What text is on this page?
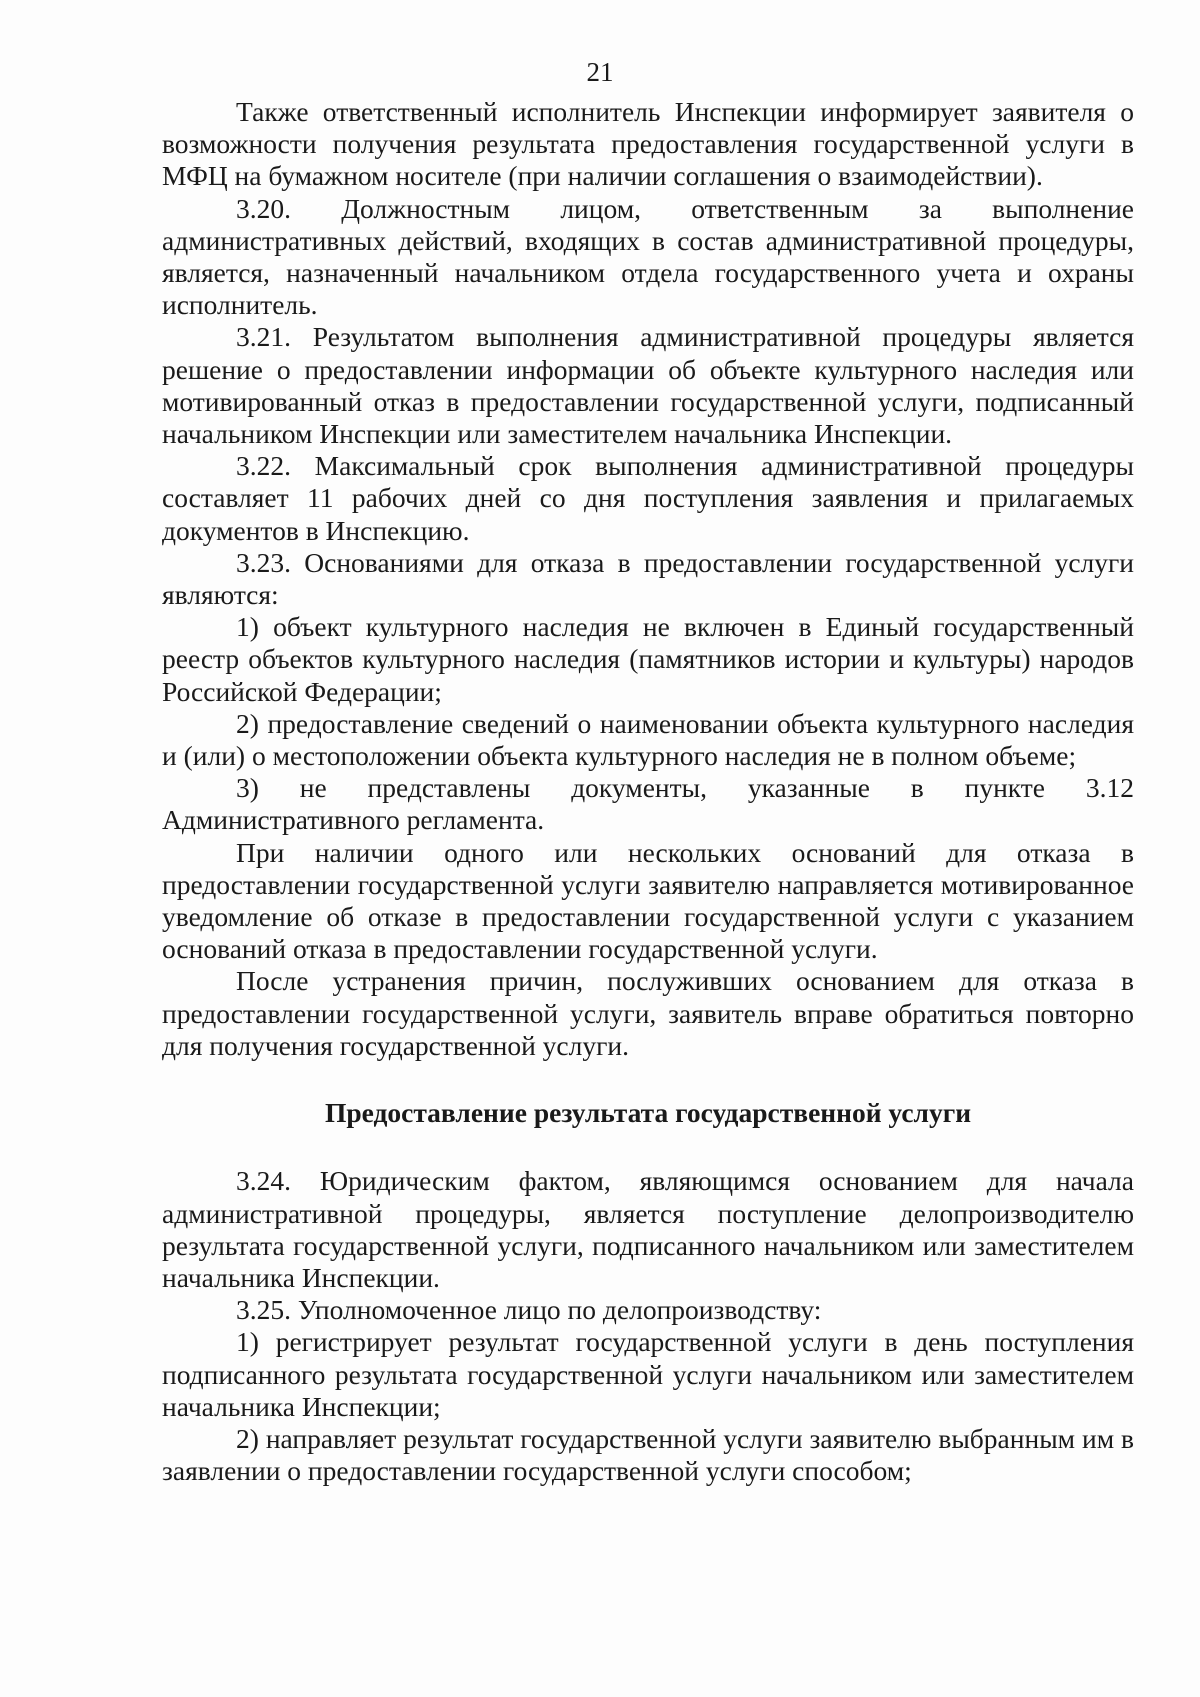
21

Также ответственный исполнитель Инспекции информирует заявителя о возможности получения результата предоставления государственной услуги в МФЦ на бумажном носителе (при наличии соглашения о взаимодействии).

3.20. Должностным лицом, ответственным за выполнение административных действий, входящих в состав административной процедуры, является, назначенный начальником отдела государственного учета и охраны исполнитель.

3.21. Результатом выполнения административной процедуры является решение о предоставлении информации об объекте культурного наследия или мотивированный отказ в предоставлении государственной услуги, подписанный начальником Инспекции или заместителем начальника Инспекции.

3.22. Максимальный срок выполнения административной процедуры составляет 11 рабочих дней со дня поступления заявления и прилагаемых документов в Инспекцию.

3.23. Основаниями для отказа в предоставлении государственной услуги являются:

1) объект культурного наследия не включен в Единый государственный реестр объектов культурного наследия (памятников истории и культуры) народов Российской Федерации;

2) предоставление сведений о наименовании объекта культурного наследия и (или) о местоположении объекта культурного наследия не в полном объеме;

3) не представлены документы, указанные в пункте 3.12 Административного регламента.

При наличии одного или нескольких оснований для отказа в предоставлении государственной услуги заявителю направляется мотивированное уведомление об отказе в предоставлении государственной услуги с указанием оснований отказа в предоставлении государственной услуги.

После устранения причин, послуживших основанием для отказа в предоставлении государственной услуги, заявитель вправе обратиться повторно для получения государственной услуги.

Предоставление результата государственной услуги

3.24. Юридическим фактом, являющимся основанием для начала административной процедуры, является поступление делопроизводителю результата государственной услуги, подписанного начальником или заместителем начальника Инспекции.

3.25. Уполномоченное лицо по делопроизводству:

1) регистрирует результат государственной услуги в день поступления подписанного результата государственной услуги начальником или заместителем начальника Инспекции;

2) направляет результат государственной услуги заявителю выбранным им в заявлении о предоставлении государственной услуги способом;
